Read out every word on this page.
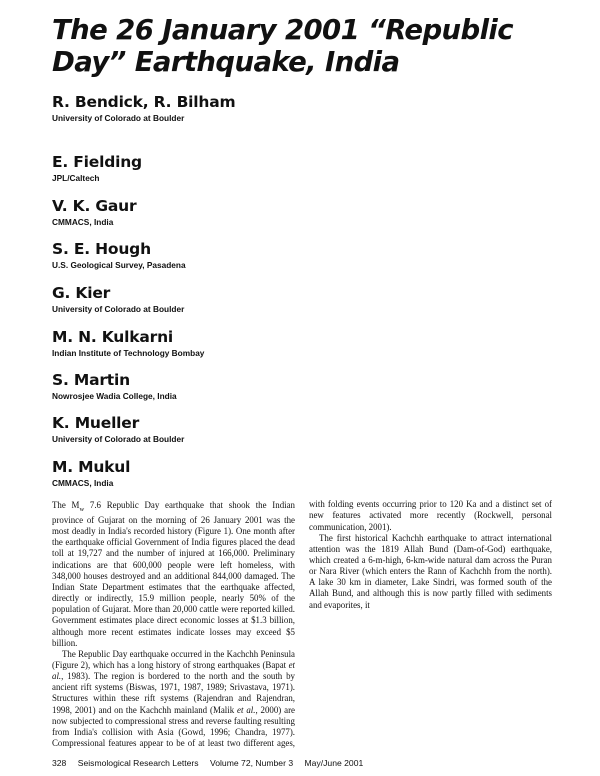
The 26 January 2001 “Republic Day” Earthquake, India

R. Bendick, R. Bilham

University of Colorado at Boulder

E. Fielding

JPL/Caltech

V. K. Gaur

CMMACS, India

S. E. Hough

U.S. Geological Survey, Pasadena

G. Kier

University of Colorado at Boulder

M. N. Kulkarni

Indian Institute of Technology Bombay

S. Martin

Nowrosjee Wadia College, India

K. Mueller

University of Colorado at Boulder

M. Mukul

CMMACS, India

The $M_w$ 7.6 Republic Day earthquake that shook the Indian province of Gujarat on the morning of 26 January 2001 was the most deadly in India's recorded history (Figure 1). One month after the earthquake official Government of India figures placed the dead toll at 19,727 and the number of injured at 166,000. Preliminary indications are that 600,000 people were left homeless, with 348,000 houses destroyed and an additional 844,000 damaged. The Indian State Department estimates that the earthquake affected, directly or indirectly, 15.9 million people, nearly 50% of the population of Gujarat. More than 20,000 cattle were reported killed. Government estimates place direct economic losses at $1.3 billion, although more recent estimates indicate losses may exceed $5 billion.

The Republic Day earthquake occurred in the Kachchh Peninsula (Figure 2), which has a long history of strong earthquakes (Bapat et al., 1983). The region is bordered to the north and the south by ancient rift systems (Biswas, 1971, 1987, 1989; Srivastava, 1971). Structures within these rift systems (Rajendran and Rajendran, 1998, 2001) and on the Kachchh mainland (Malik et al., 2000) are now subjected to compressional stress and reverse faulting resulting from India's collision with Asia (Gowd, 1996; Chandra, 1977). Compressional features appear to be of at least two different ages,

with folding events occurring prior to 120 Ka and a distinct set of new features activated more recently (Rockwell, personal communication, 2001).

The first historical Kachchh earthquake to attract international attention was the 1819 Allah Bund (Dam-of-God) earthquake, which created a 6-m-high, 6-km-wide natural dam across the Puran or Nara River (which enters the Rann of Kachchh from the north). A lake 30 km in diameter, Lake Sindri, was formed south of the Allah Bund, and although this is now partly filled with sediments and evaporites, it

328 Seismological Research Letters Volume 72, Number 3 May/June 2001
